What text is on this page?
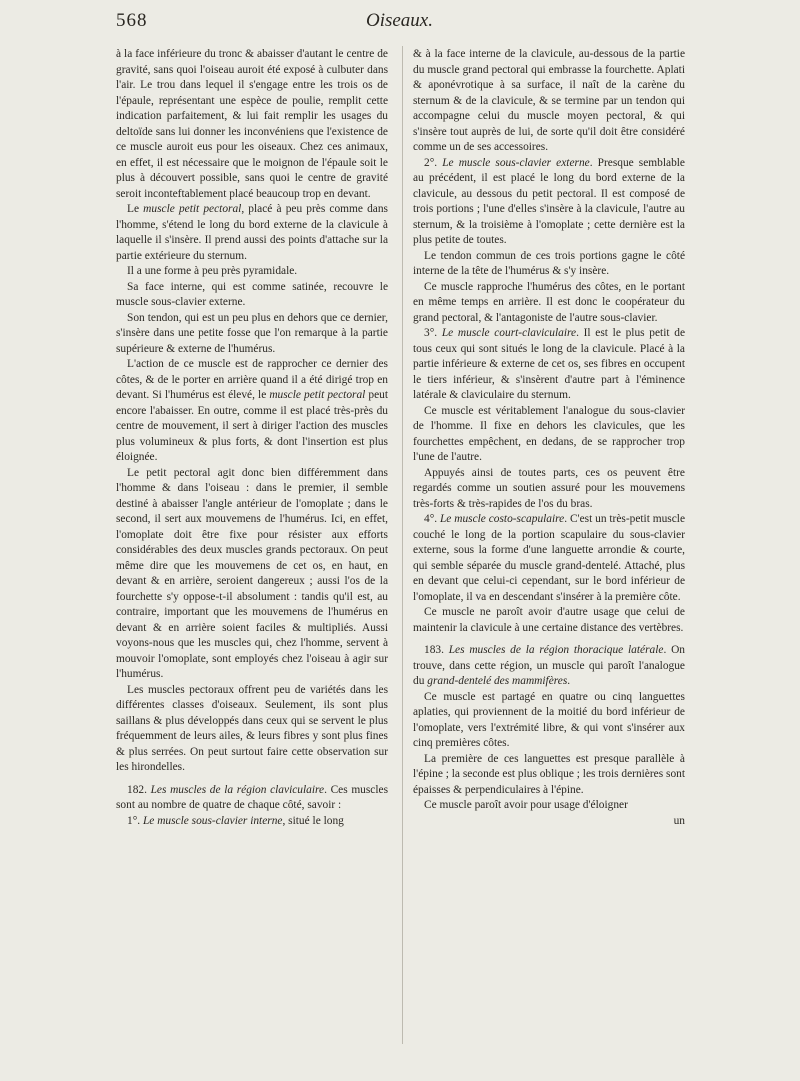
568	Oiseaux.

à la face inférieure du tronc & abaisser d'autant le centre de gravité, sans quoi l'oiseau auroit été exposé à culbuter dans l'air. Le trou dans lequel il s'engage entre les trois os de l'épaule, représentant une espèce de poulie, remplit cette indication parfaitement, & lui fait remplir les usages du deltoïde sans lui donner les inconvéniens que l'existence de ce muscle auroit eus pour les oiseaux. Chez ces animaux, en effet, il est nécessaire que le moignon de l'épaule soit le plus à découvert possible, sans quoi le centre de gravité seroit inconteftablement placé beaucoup trop en devant.

Le muscle petit pectoral, placé à peu près comme dans l'homme, s'étend le long du bord externe de la clavicule à laquelle il s'insère. Il prend aussi des points d'attache sur la partie extérieure du sternum.

Il a une forme à peu près pyramidale.

Sa face interne, qui est comme satinée, recouvre le muscle sous-clavier externe.

Son tendon, qui est un peu plus en dehors que ce dernier, s'insère dans une petite fosse que l'on remarque à la partie supérieure & externe de l'humérus.

L'action de ce muscle est de rapprocher ce dernier des côtes, & de le porter en arrière quand il a été dirigé trop en devant. Si l'humérus est élevé, le muscle petit pectoral peut encore l'abaisser. En outre, comme il est placé très-près du centre de mouvement, il sert à diriger l'action des muscles plus volumineux & plus forts, & dont l'insertion est plus éloignée.

Le petit pectoral agit donc bien différemment dans l'homme & dans l'oiseau : dans le premier, il semble destiné à abaisser l'angle antérieur de l'omoplate ; dans le second, il sert aux mouvemens de l'humérus. Ici, en effet, l'omoplate doit être fixe pour résister aux efforts considérables des deux muscles grands pectoraux. On peut même dire que les mouvemens de cet os, en haut, en devant & en arrière, seroient dangereux ; aussi l'os de la fourchette s'y oppose-t-il absolument : tandis qu'il est, au contraire, important que les mouvemens de l'humérus en devant & en arrière soient faciles & multipliés. Aussi voyons-nous que les muscles qui, chez l'homme, servent à mouvoir l'omoplate, sont employés chez l'oiseau à agir sur l'humérus.

Les muscles pectoraux offrent peu de variétés dans les différentes classes d'oiseaux. Seulement, ils sont plus saillans & plus développés dans ceux qui se servent le plus fréquemment de leurs ailes, & leurs fibres y sont plus fines & plus serrées. On peut surtout faire cette observation sur les hirondelles.

182. Les muscles de la région claviculaire. Ces muscles sont au nombre de quatre de chaque côté, savoir :

1°. Le muscle sous-clavier interne, situé le long

& à la face interne de la clavicule, au-dessous de la partie du muscle grand pectoral qui embrasse la fourchette. Aplati & aponévrotique à sa surface, il naît de la carène du sternum & de la clavicule, & se termine par un tendon qui accompagne celui du muscle moyen pectoral, & qui s'insère tout auprès de lui, de sorte qu'il doit être considéré comme un de ses accessoires.

2°. Le muscle sous-clavier externe. Presque semblable au précédent, il est placé le long du bord externe de la clavicule, au dessous du petit pectoral. Il est composé de trois portions ; l'une d'elles s'insère à la clavicule, l'autre au sternum, & la troisième à l'omoplate ; cette dernière est la plus petite de toutes.

Le tendon commun de ces trois portions gagne le côté interne de la tête de l'humérus & s'y insère.

Ce muscle rapproche l'humérus des côtes, en le portant en même temps en arrière. Il est donc le coopérateur du grand pectoral, & l'antagoniste de l'autre sous-clavier.

3°. Le muscle court-claviculaire. Il est le plus petit de tous ceux qui sont situés le long de la clavicule. Placé à la partie inférieure & externe de cet os, ses fibres en occupent le tiers inférieur, & s'insèrent d'autre part à l'éminence latérale & claviculaire du sternum.

Ce muscle est véritablement l'analogue du sous-clavier de l'homme. Il fixe en dehors les clavicules, que les fourchettes empêchent, en dedans, de se rapprocher trop l'une de l'autre.

Appuyés ainsi de toutes parts, ces os peuvent être regardés comme un soutien assuré pour les mouvemens très-forts & très-rapides de l'os du bras.

4°. Le muscle costo-scapulaire. C'est un très-petit muscle couché le long de la portion scapulaire du sous-clavier externe, sous la forme d'une languette arrondie & courte, qui semble séparée du muscle grand-dentelé. Attaché, plus en devant que celui-ci cependant, sur le bord inférieur de l'omoplate, il va en descendant s'insérer à la première côte.

Ce muscle ne paroît avoir d'autre usage que celui de maintenir la clavicule à une certaine distance des vertèbres.

183. Les muscles de la région thoracique latérale. On trouve, dans cette région, un muscle qui paroît l'analogue du grand-dentelé des mammifères.

Ce muscle est partagé en quatre ou cinq languettes aplaties, qui proviennent de la moitié du bord inférieur de l'omoplate, vers l'extrémité libre, & qui vont s'insérer aux cinq premières côtes.

La première de ces languettes est presque parallèle à l'épine ; la seconde est plus oblique ; les trois dernières sont épaisses & perpendiculaires à l'épine.

Ce muscle paroît avoir pour usage d'éloigner

un
